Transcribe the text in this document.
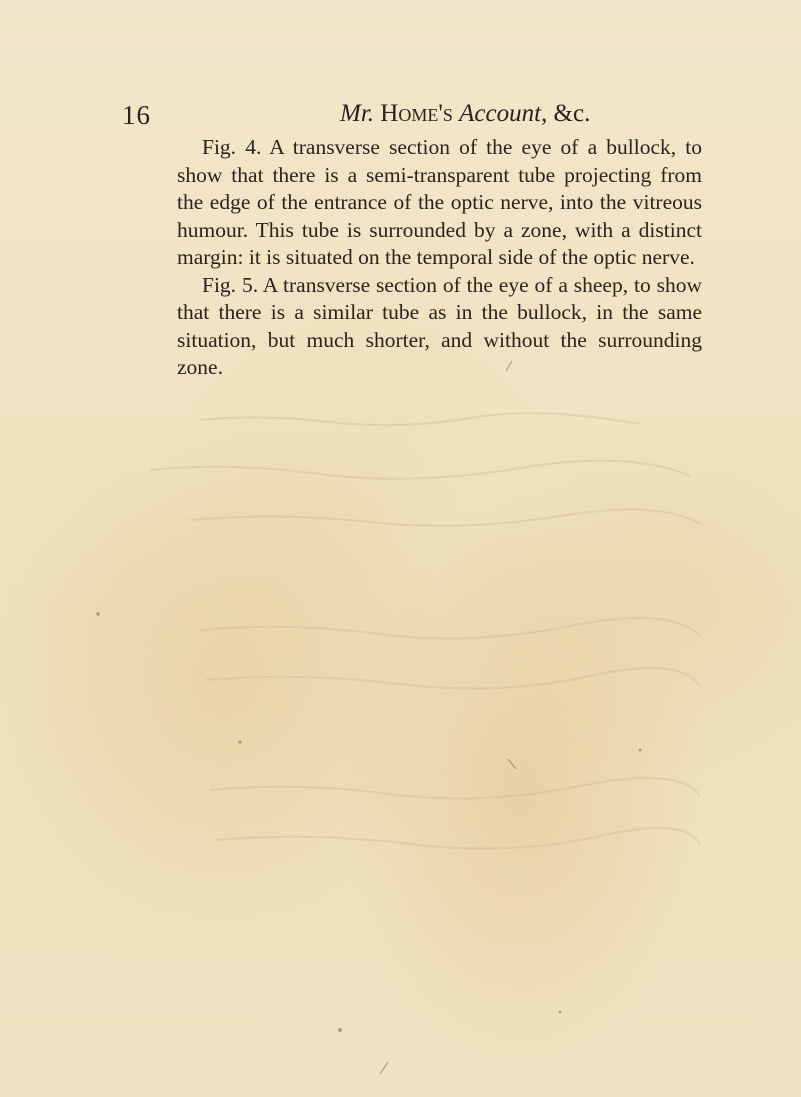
16	Mr. Home's Account, &c.

Fig. 4. A transverse section of the eye of a bullock, to show that there is a semi-transparent tube projecting from the edge of the entrance of the optic nerve, into the vitreous humour. This tube is surrounded by a zone, with a distinct margin: it is situated on the temporal side of the optic nerve.

Fig. 5. A transverse section of the eye of a sheep, to show that there is a similar tube as in the bullock, in the same situation, but much shorter, and without the surrounding zone.
